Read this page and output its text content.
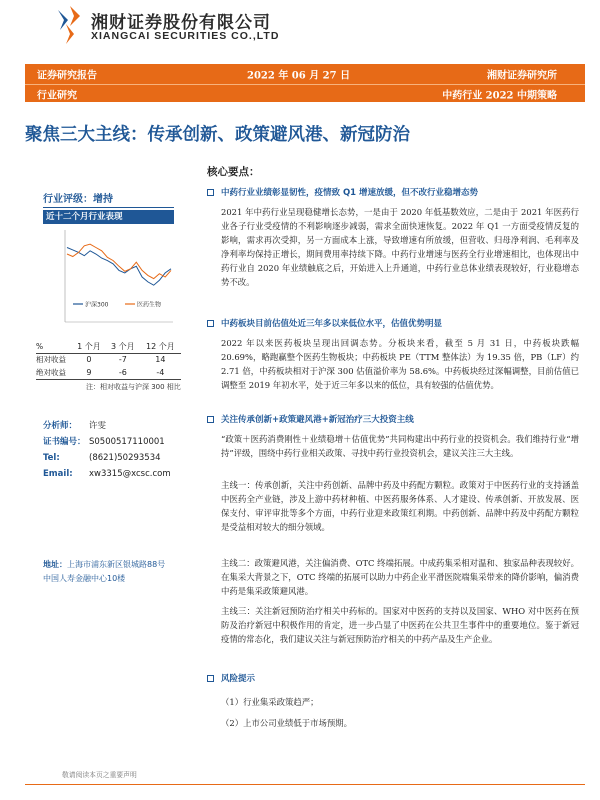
湘财证券股份有限公司
XIANGCAI SECURITIES CO.,LTD
证券研究报告	2022 年 06 月 27 日	湘财证券研究所
行业研究	中药行业 2022 中期策略
聚焦三大主线：传承创新、政策避风港、新冠防治
核心要点：
行业评级：增持
近十二个月行业表现
沪深300	医药生物
%	1 个月	3 个月	12 个月
相对收益	0	-7	14
绝对收益	9	-6	-4
注：相对收益与沪深 300 相比
分析师： 许雯
证书编号： S0500517110001
Tel:	(8621)50293534
Email: xw3315@xcsc.com
地址：上海市浦东新区银城路88号
中国人寿金融中心10楼
中药行业业绩彰显韧性，疫情致 Q1 增速放缓，但不改行业稳增态势
2021 年中药行业呈现稳健增长态势，一是由于 2020 年低基数效应，二是由于 2021 年医药行业各子行业受疫情的不利影响逐步减弱，需求全面快速恢复。2022 年 Q1 一方面受疫情反复的影响，需求再次受抑，另一方面成本上涨，导致增速有所放缓，但营收、归母净利润、毛利率及净利率均保持正增长，期间费用率持续下降。中药行业增速与医药全行业增速相比，也体现出中药行业自 2020 年业绩触底之后，开始进入上升通道，中药行业总体业绩表现较好，行业稳增态势不改。
中药板块目前估值处近三年多以来低位水平，估值优势明显
2022 年以来医药板块呈现出回调态势。分板块来看，截至 5 月 31 日，中药板块跌幅 20.69%，略跑赢整个医药生物板块；中药板块 PE（TTM 整体法）为 19.35 倍，PB（LF）约 2.71 倍，中药板块相对于沪深 300 估值溢价率为 58.6%。中药板块经过深幅调整，目前估值已调整至 2019 年初水平，处于近三年多以来的低位，具有较强的估值优势。
关注传承创新+政策避风港+新冠治疗三大投资主线
“政策＋医药消费刚性＋业绩稳增＋估值优势”共同构建出中药行业的投资机会。我们维持行业“增持”评级，围绕中药行业相关政策、寻找中药行业投资机会，建议关注三大主线。
主线一：传承创新，关注中药创新、品牌中药及中药配方颗粒。政策对于中医药行业的支持涵盖中医药全产业链，涉及上游中药材种植、中医药服务体系、人才建设、传承创新、开放发展、医保支付、审评审批等多个方面，中药行业迎来政策红利期。中药创新、品牌中药及中药配方颗粒是受益相对较大的细分领域。
主线二：政策避风港，关注偏消费、OTC 终端拓展。中成药集采相对温和、独家品种表现较好。在集采大背景之下，OTC 终端的拓展可以助力中药企业平滑医院端集采带来的降价影响，偏消费中药是集采政策避风港。
主线三：关注新冠预防治疗相关中药标的。国家对中医药的支持以及国家、WHO 对中医药在预防及治疗新冠中积极作用的肯定，进一步凸显了中医药在公共卫生事件中的重要地位。鉴于新冠疫情的常态化，我们建议关注与新冠预防治疗相关的中药产品及生产企业。
风险提示
（1）行业集采政策趋严；
（2）上市公司业绩低于市场预期。
敬请阅读本页之重要声明
